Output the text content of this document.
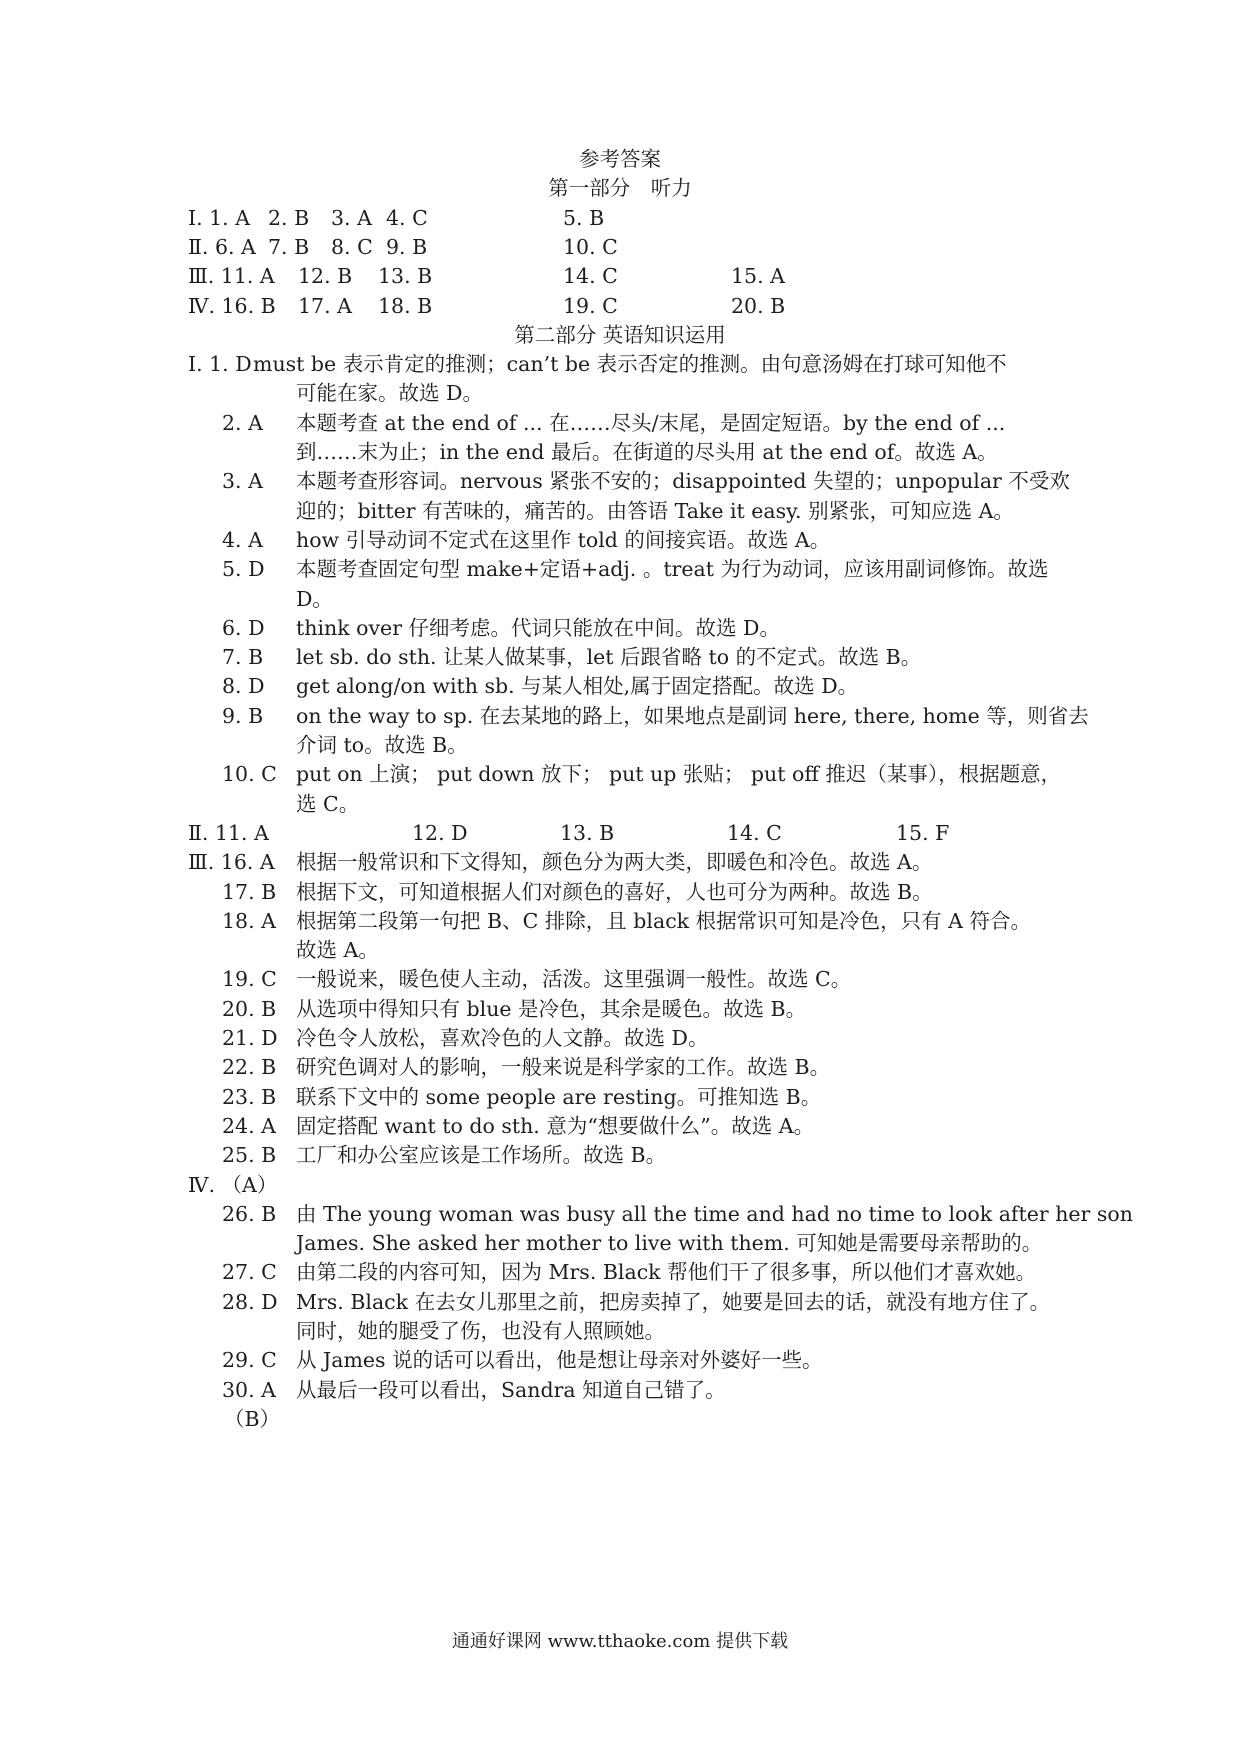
参考答案
第一部分　听力
Ⅰ. 1. A 2. B 3. A 4. C	5. B
Ⅱ. 6. A 7. B 8. C 9. B	10. C
Ⅲ. 11. A 12. B 13. B	14. C	15. A
Ⅳ. 16. B 17. A 18. B	19. C	20. B
第二部分 英语知识运用
Ⅰ. 1. D must be 表示肯定的推测；can’t be 表示否定的推测。由句意汤姆在打球可知他不
可能在家。故选 D。
2. A 本题考查 at the end of ... 在……尽头/末尾，是固定短语。by the end of ...
到……末为止；in the end 最后。在街道的尽头用 at the end of。故选 A。
3. A 本题考查形容词。nervous 紧张不安的；disappointed 失望的；unpopular 不受欢
迎的；bitter 有苦味的，痛苦的。由答语 Take it easy. 别紧张，可知应选 A。
4. A how 引导动词不定式在这里作 told 的间接宾语。故选 A。
5. D 本题考查固定句型 make+定语+adj. 。treat 为行为动词，应该用副词修饰。故选
D。
6. D think over 仔细考虑。代词只能放在中间。故选 D。
7. B let sb. do sth. 让某人做某事，let 后跟省略 to 的不定式。故选 B。
8. D get along/on with sb. 与某人相处,属于固定搭配。故选 D。
9. B on the way to sp. 在去某地的路上，如果地点是副词 here, there, home 等，则省去
介词 to。故选 B。
10. C put on 上演； put down 放下； put up 张贴； put off 推迟（某事），根据题意，
选 C。
Ⅱ. 11. A	12. D	13. B	14. C	15. F
Ⅲ. 16. A 根据一般常识和下文得知，颜色分为两大类，即暖色和冷色。故选 A。
17. B 根据下文，可知道根据人们对颜色的喜好，人也可分为两种。故选 B。
18. A 根据第二段第一句把 B、C 排除，且 black 根据常识可知是冷色，只有 A 符合。
故选 A。
19. C 一般说来，暖色使人主动，活泼。这里强调一般性。故选 C。
20. B 从选项中得知只有 blue 是冷色，其余是暖色。故选 B。
21. D 冷色令人放松，喜欢冷色的人文静。故选 D。
22. B 研究色调对人的影响，一般来说是科学家的工作。故选 B。
23. B 联系下文中的 some people are resting。可推知选 B。
24. A 固定搭配 want to do sth. 意为“想要做什么”。故选 A。
25. B 工厂和办公室应该是工作场所。故选 B。
Ⅳ. （A）
26. B 由 The young woman was busy all the time and had no time to look after her son
James. She asked her mother to live with them. 可知她是需要母亲帮助的。
27. C 由第二段的内容可知，因为 Mrs. Black 帮他们干了很多事，所以他们才喜欢她。
28. D Mrs. Black 在去女儿那里之前，把房卖掉了，她要是回去的话，就没有地方住了。
同时，她的腿受了伤，也没有人照顾她。
29. C 从 James 说的话可以看出，他是想让母亲对外婆好一些。
30. A 从最后一段可以看出，Sandra 知道自己错了。
（B）
通通好课网 www.tthaoke.com 提供下载
